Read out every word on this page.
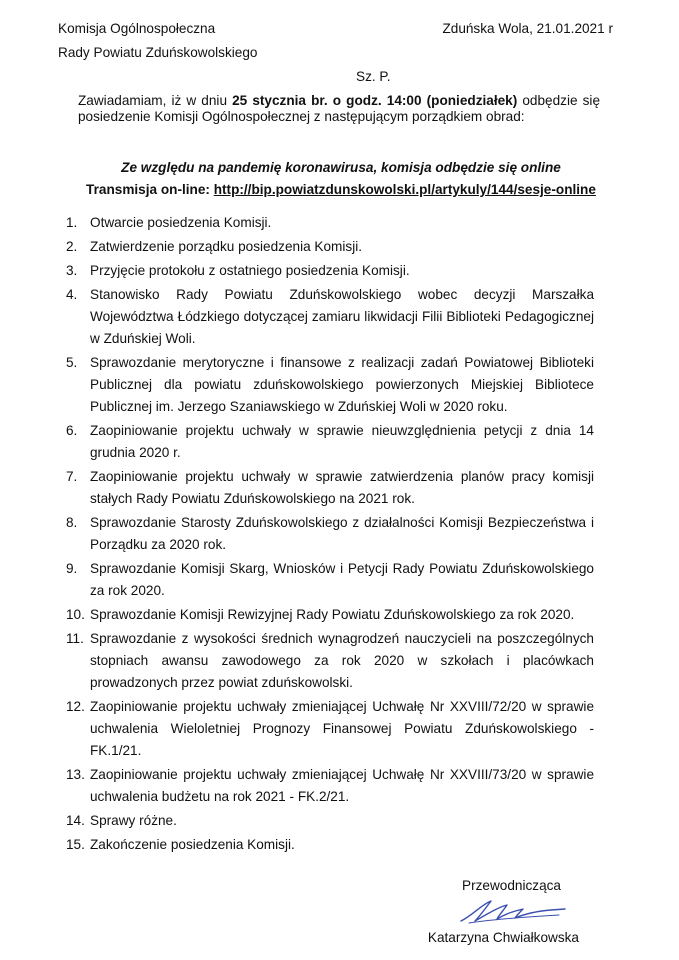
Komisja Ogólnospołeczna
Rady Powiatu Zduńskowolskiego
Zduńska Wola, 21.01.2021 r
Sz. P.
Zawiadamiam, iż w dniu 25 stycznia br. o godz. 14:00 (poniedziałek) odbędzie się posiedzenie Komisji Ogólnospołecznej z następującym porządkiem obrad:
Ze względu na pandemię koronawirusa, komisja odbędzie się online
Transmisja on-line: http://bip.powiatzdunskowolski.pl/artykuly/144/sesje-online
1. Otwarcie posiedzenia Komisji.
2. Zatwierdzenie porządku posiedzenia Komisji.
3. Przyjęcie protokołu z ostatniego posiedzenia Komisji.
4. Stanowisko Rady Powiatu Zduńskowolskiego wobec decyzji Marszałka Województwa Łódzkiego dotyczącej zamiaru likwidacji Filii Biblioteki Pedagogicznej w Zduńskiej Woli.
5. Sprawozdanie merytoryczne i finansowe z realizacji zadań Powiatowej Biblioteki Publicznej dla powiatu zduńskowolskiego powierzonych Miejskiej Bibliotece Publicznej im. Jerzego Szaniawskiego w Zduńskiej Woli w 2020 roku.
6. Zaopiniowanie projektu uchwały w sprawie nieuwzględnienia petycji z dnia 14 grudnia 2020 r.
7. Zaopiniowanie projektu uchwały w sprawie zatwierdzenia planów pracy komisji stałych Rady Powiatu Zduńskowolskiego na 2021 rok.
8. Sprawozdanie Starosty Zduńskowolskiego z działalności Komisji Bezpieczeństwa i Porządku za 2020 rok.
9. Sprawozdanie Komisji Skarg, Wniosków i Petycji Rady Powiatu Zduńskowolskiego za rok 2020.
10. Sprawozdanie Komisji Rewizyjnej Rady Powiatu Zduńskowolskiego za rok 2020.
11. Sprawozdanie z wysokości średnich wynagrodzeń nauczycieli na poszczególnych stopniach awansu zawodowego za rok 2020 w szkołach i placówkach prowadzonych przez powiat zduńskowolski.
12. Zaopiniowanie projektu uchwały zmieniającej Uchwałę Nr XXVIII/72/20 w sprawie uchwalenia Wieloletniej Prognozy Finansowej Powiatu Zduńskowolskiego - FK.1/21.
13. Zaopiniowanie projektu uchwały zmieniającej Uchwałę Nr XXVIII/73/20 w sprawie uchwalenia budżetu na rok 2021 - FK.2/21.
14. Sprawy różne.
15. Zakończenie posiedzenia Komisji.
Przewodnicząca
Katarzyna Chwiałkowska
